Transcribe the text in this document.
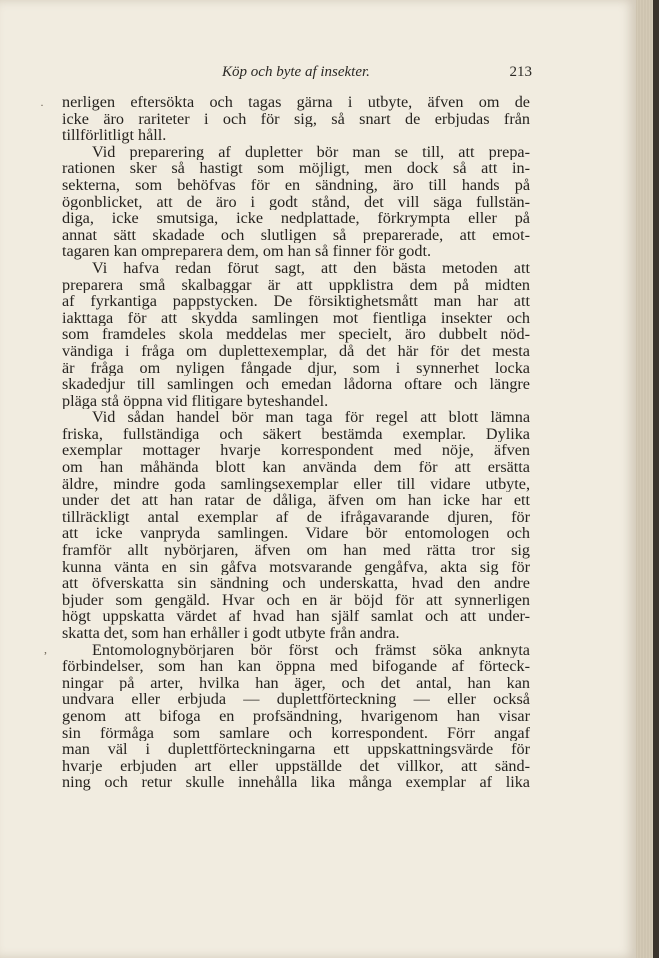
Köp och byte af insekter.	213
·
,
nerligen eftersökta och tagas gärna i utbyte, äfven om de
icke äro rariteter i och för sig, så snart de erbjudas från
tillförlitligt håll.
Vid preparering af dupletter bör man se till, att prepa-
rationen sker så hastigt som möjligt, men dock så att in-
sekterna, som behöfvas för en sändning, äro till hands på
ögonblicket, att de äro i godt stånd, det vill säga fullstän-
diga, icke smutsiga, icke nedplattade, förkrympta eller på
annat sätt skadade och slutligen så preparerade, att emot-
tagaren kan ompreparera dem, om han så finner för godt.
Vi hafva redan förut sagt, att den bästa metoden att
preparera små skalbaggar är att uppklistra dem på midten
af fyrkantiga pappstycken. De försiktighetsmått man har att
iakttaga för att skydda samlingen mot fientliga insekter och
som framdeles skola meddelas mer specielt, äro dubbelt nöd-
vändiga i fråga om duplettexemplar, då det här för det mesta
är fråga om nyligen fångade djur, som i synnerhet locka
skadedjur till samlingen och emedan lådorna oftare och längre
pläga stå öppna vid flitigare byteshandel.
Vid sådan handel bör man taga för regel att blott lämna
friska, fullständiga och säkert bestämda exemplar. Dylika
exemplar mottager hvarje korrespondent med nöje, äfven
om han måhända blott kan använda dem för att ersätta
äldre, mindre goda samlingsexemplar eller till vidare utbyte,
under det att han ratar de dåliga, äfven om han icke har ett
tillräckligt antal exemplar af de ifrågavarande djuren, för
att icke vanpryda samlingen. Vidare bör entomologen och
framför allt nybörjaren, äfven om han med rätta tror sig
kunna vänta en sin gåfva motsvarande gengåfva, akta sig för
att öfverskatta sin sändning och underskatta, hvad den andre
bjuder som gengäld. Hvar och en är böjd för att synnerligen
högt uppskatta värdet af hvad han själf samlat och att under-
skatta det, som han erhåller i godt utbyte från andra.
Entomolognybörjaren bör först och främst söka anknyta
förbindelser, som han kan öppna med bifogande af förteck-
ningar på arter, hvilka han äger, och det antal, han kan
undvara eller erbjuda — duplettförteckning — eller också
genom att bifoga en profsändning, hvarigenom han visar
sin förmåga som samlare och korrespondent. Förr angaf
man väl i duplettförteckningarna ett uppskattningsvärde för
hvarje erbjuden art eller uppställde det villkor, att sänd-
ning och retur skulle innehålla lika många exemplar af lika
